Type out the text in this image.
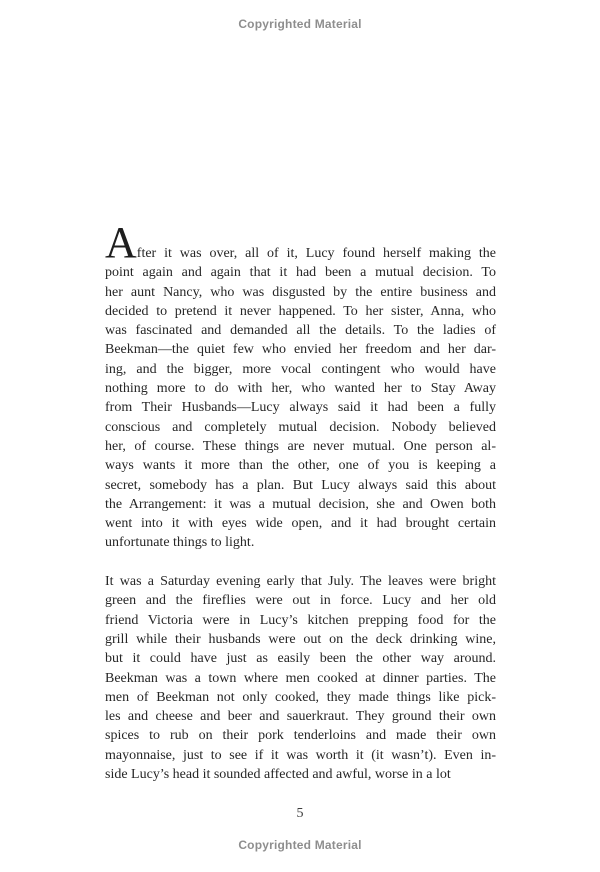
Copyrighted Material
After it was over, all of it, Lucy found herself making the
point again and again that it had been a mutual decision. To
her aunt Nancy, who was disgusted by the entire business and
decided to pretend it never happened. To her sister, Anna, who
was fascinated and demanded all the details. To the ladies of
Beekman—the quiet few who envied her freedom and her dar-
ing, and the bigger, more vocal contingent who would have
nothing more to do with her, who wanted her to Stay Away
from Their Husbands—Lucy always said it had been a fully
conscious and completely mutual decision. Nobody believed
her, of course. These things are never mutual. One person al-
ways wants it more than the other, one of you is keeping a
secret, somebody has a plan. But Lucy always said this about
the Arrangement: it was a mutual decision, she and Owen both
went into it with eyes wide open, and it had brought certain
unfortunate things to light.
It was a Saturday evening early that July. The leaves were bright
green and the fireflies were out in force. Lucy and her old
friend Victoria were in Lucy’s kitchen prepping food for the
grill while their husbands were out on the deck drinking wine,
but it could have just as easily been the other way around.
Beekman was a town where men cooked at dinner parties. The
men of Beekman not only cooked, they made things like pick-
les and cheese and beer and sauerkraut. They ground their own
spices to rub on their pork tenderloins and made their own
mayonnaise, just to see if it was worth it (it wasn’t). Even in-
side Lucy’s head it sounded affected and awful, worse in a lot
5
Copyrighted Material
